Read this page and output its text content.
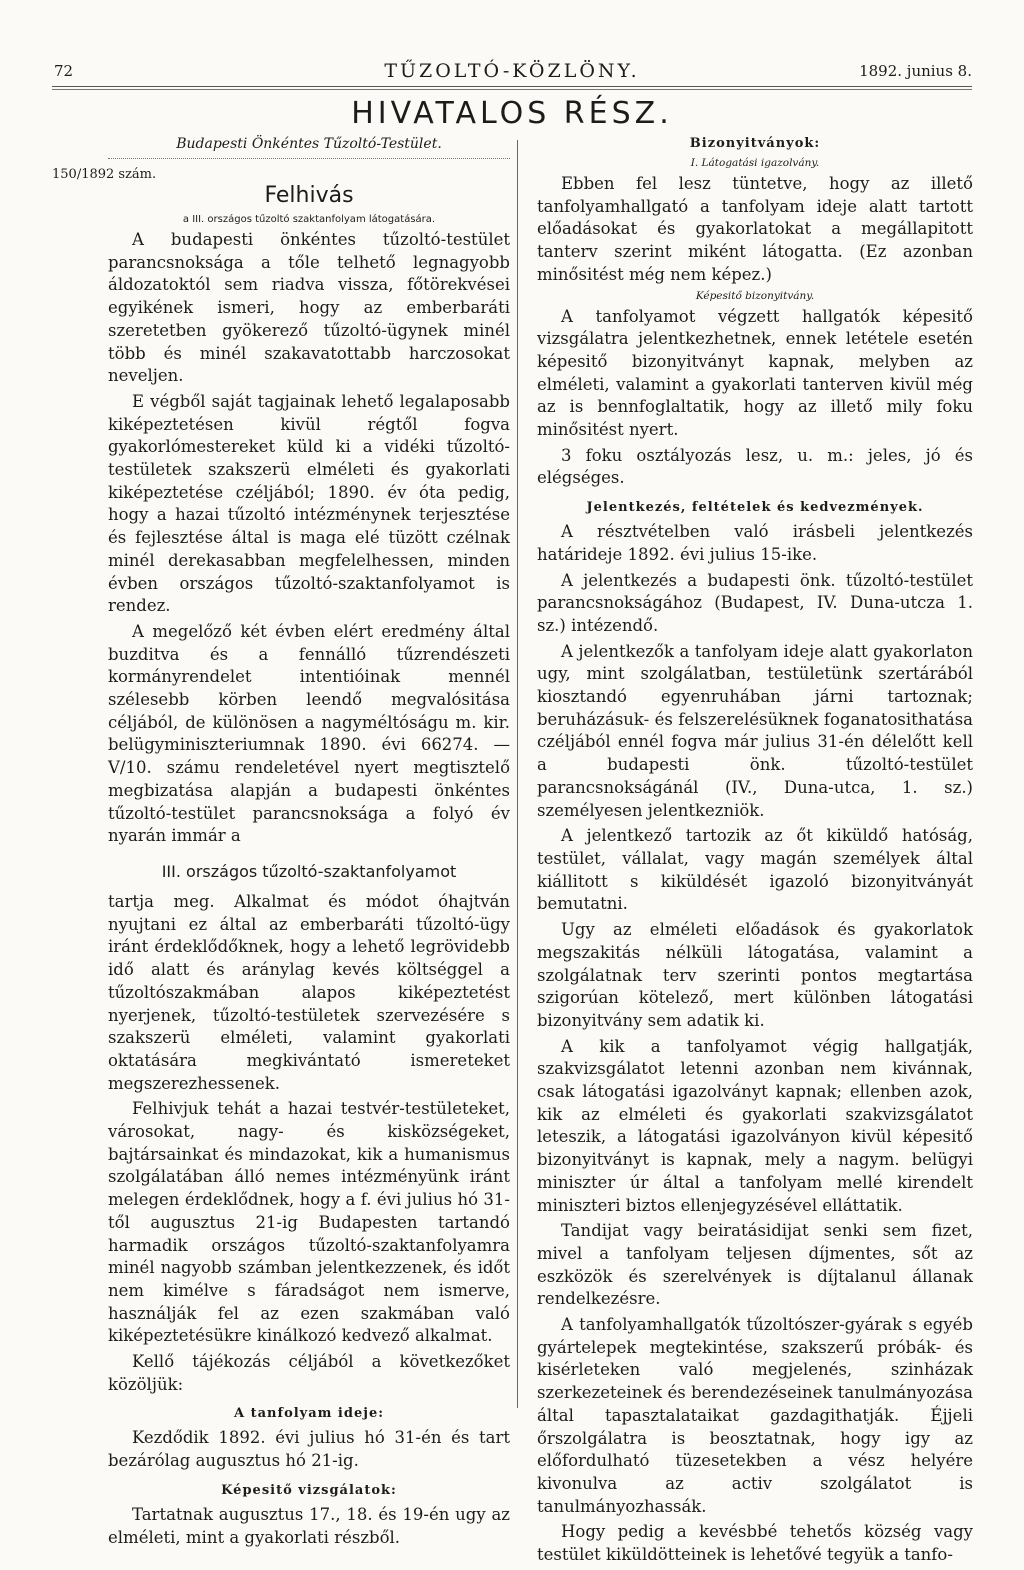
72	TŰZOLTÓ-KÖZLÖNY.	1892. junius 8.
HIVATALOS RÉSZ.
Budapesti Önkéntes Tűzoltó-Testület.
150/1892 szám.
Felhivás
a III. országos tűzoltó szaktanfolyam látogatására.

A budapesti önkéntes tűzoltó-testület parancsnoksága a tőle telhető legnagyobb áldozatoktól sem riadva vissza, főtörekvései egyikének ismeri, hogy az emberbaráti szeretetben gyökerező tűzoltó-ügynek minél több és minél szakavatottabb harczosokat neveljen.

E végből saját tagjainak lehető legalaposabb kiképeztetésen kivül régtől fogva gyakorlómestereket küld ki a vidéki tűzoltó-testületek szakszerü elméleti és gyakorlati kiképeztetése czéljából; 1890. év óta pedig, hogy a hazai tűzoltó intézménynek terjesztése és fejlesztése által is maga elé tüzött czélnak minél derekasabban megfelelhessen, minden évben országos tűzoltó-szaktanfolyamot is rendez.

A megelőző két évben elért eredmény által buzditva és a fennálló tűzrendészeti kormányrendelet intentióinak mennél szélesebb körben leendő megvalósitása céljából, de különösen a nagyméltóságu m. kir. belügyminiszteriumnak 1890. évi 66274. —V/10. számu rendeletével nyert megtisztelő megbizatása alapján a budapesti önkéntes tűzoltó-testület parancsnoksága a folyó év nyarán immár a

III. országos tűzoltó-szaktanfolyamot

tartja meg. Alkalmat és módot óhajtván nyujtani ez által az emberbaráti tűzoltó-ügy iránt érdeklődőknek, hogy a lehető legrövidebb idő alatt és aránylag kevés költséggel a tűzoltószakmában alapos kiképeztetést nyerjenek, tűzoltó-testületek szervezésére s szakszerü elméleti, valamint gyakorlati oktatására megkivántató ismereteket megszerezhessenek.

Felhivjuk tehát a hazai testvér-testületeket, városokat, nagy- és kisközségeket, bajtársainkat és mindazokat, kik a humanismus szolgálatában álló nemes intézményünk iránt melegen érdeklődnek, hogy a f. évi julius hó 31-től augusztus 21-ig Budapesten tartandó harmadik országos tűzoltó-szaktanfolyamra minél nagyobb számban jelentkezzenek, és időt nem kimélve s fáradságot nem ismerve, használják fel az ezen szakmában való kiképeztetésükre kinálkozó kedvező alkalmat.

Kellő tájékozás céljából a következőket közöljük:

A tanfolyam ideje:

Kezdődik 1892. évi julius hó 31-én és tart bezárólag augusztus hó 21-ig.

Képesitő vizsgálatok:

Tartatnak augusztus 17., 18. és 19-én ugy az elméleti, mint a gyakorlati részből.

Bizonyitványok:
I. Látogatási igazolvány.

Ebben fel lesz tüntetve, hogy az illető tanfolyamhallgató a tanfolyam ideje alatt tartott előadásokat és gyakorlatokat a megállapitott tanterv szerint miként látogatta. (Ez azonban minősitést még nem képez.)

Képesitő bizonyitvány.

A tanfolyamot végzett hallgatók képesitő vizsgálatra jelentkezhetnek, ennek letétele esetén képesitő bizonyitványt kapnak, melyben az elméleti, valamint a gyakorlati tanterven kivül még az is bennfoglaltatik, hogy az illető mily foku minősitést nyert.

3 foku osztályozás lesz, u. m.: jeles, jó és elégséges.

Jelentkezés, feltételek és kedvezmények.

A résztvételben való irásbeli jelentkezés határideje 1892. évi julius 15-ike.

A jelentkezés a budapesti önk. tűzoltó-testület parancsnokságához (Budapest, IV. Duna-utcza 1. sz.) intézendő.

A jelentkezők a tanfolyam ideje alatt gyakorlaton ugy, mint szolgálatban, testületünk szertárából kiosztandó egyenruhában járni tartoznak; beruházásuk- és felszerelésüknek foganatosithatása czéljából ennél fogva már julius 31-én délelőtt kell a budapesti önk. tűzoltó-testület parancsnokságánál (IV., Duna-utca, 1. sz.) személyesen jelentkezniök.

A jelentkező tartozik az őt kiküldő hatóság, testület, vállalat, vagy magán személyek által kiállitott s kiküldését igazoló bizonyitványát bemutatni.

Ugy az elméleti előadások és gyakorlatok megszakitás nélküli látogatása, valamint a szolgálatnak terv szerinti pontos megtartása szigorúan kötelező, mert különben látogatási bizonyitvány sem adatik ki.

A kik a tanfolyamot végig hallgatják, szakvizsgálatot letenni azonban nem kivánnak, csak látogatási igazolványt kapnak; ellenben azok, kik az elméleti és gyakorlati szakvizsgálatot leteszik, a látogatási igazolványon kivül képesitő bizonyitványt is kapnak, mely a nagym. belügyi miniszter úr által a tanfolyam mellé kirendelt miniszteri biztos ellenjegyzésével elláttatik.

Tandijat vagy beiratásidijat senki sem fizet, mivel a tanfolyam teljesen díjmentes, sőt az eszközök és szerelvények is díjtalanul állanak rendelkezésre.

A tanfolyamhallgatók tűzoltószer-gyárak s egyéb gyártelepek megtekintése, szakszerű próbák- és kisérleteken való megjelenés, szinházak szerkezeteinek és berendezéseinek tanulmányozása által tapasztalataikat gazdagithatják. Éjjeli őrszolgálatra is beosztatnak, hogy igy az előfordulható tüzesetekben a vész helyére kivonulva az activ szolgálatot is tanulmányozhassák.

Hogy pedig a kevésbbé tehetős község vagy testület kiküldötteinek is lehetővé tegyük a tanfo-
